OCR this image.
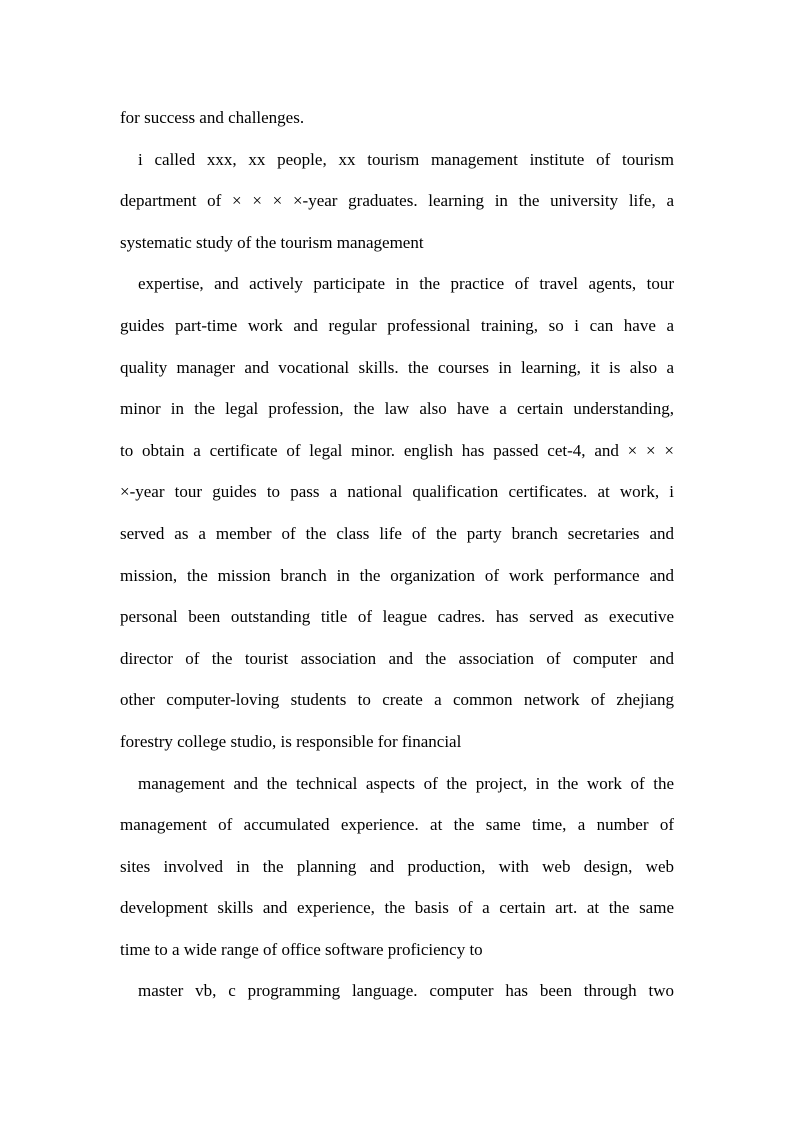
for success and challenges.
i called xxx, xx people, xx tourism management institute of tourism
department of × × × ×-year graduates. learning in the university life, a
systematic study of the tourism management
expertise, and actively participate in the practice of travel agents, tour
guides part-time work and regular professional training, so i can have a
quality manager and vocational skills. the courses in learning, it is also a
minor in the legal profession, the law also have a certain understanding,
to obtain a certificate of legal minor. english has passed cet-4, and × × ×
×-year tour guides to pass a national qualification certificates. at work, i
served as a member of the class life of the party branch secretaries and
mission, the mission branch in the organization of work performance and
personal been outstanding title of league cadres. has served as executive
director of the tourist association and the association of computer and
other computer-loving students to create a common network of zhejiang
forestry college studio, is responsible for financial
management and the technical aspects of the project, in the work of the
management of accumulated experience. at the same time, a number of
sites involved in the planning and production, with web design, web
development skills and experience, the basis of a certain art. at the same
time to a wide range of office software proficiency to
master vb, c programming language. computer has been through two
